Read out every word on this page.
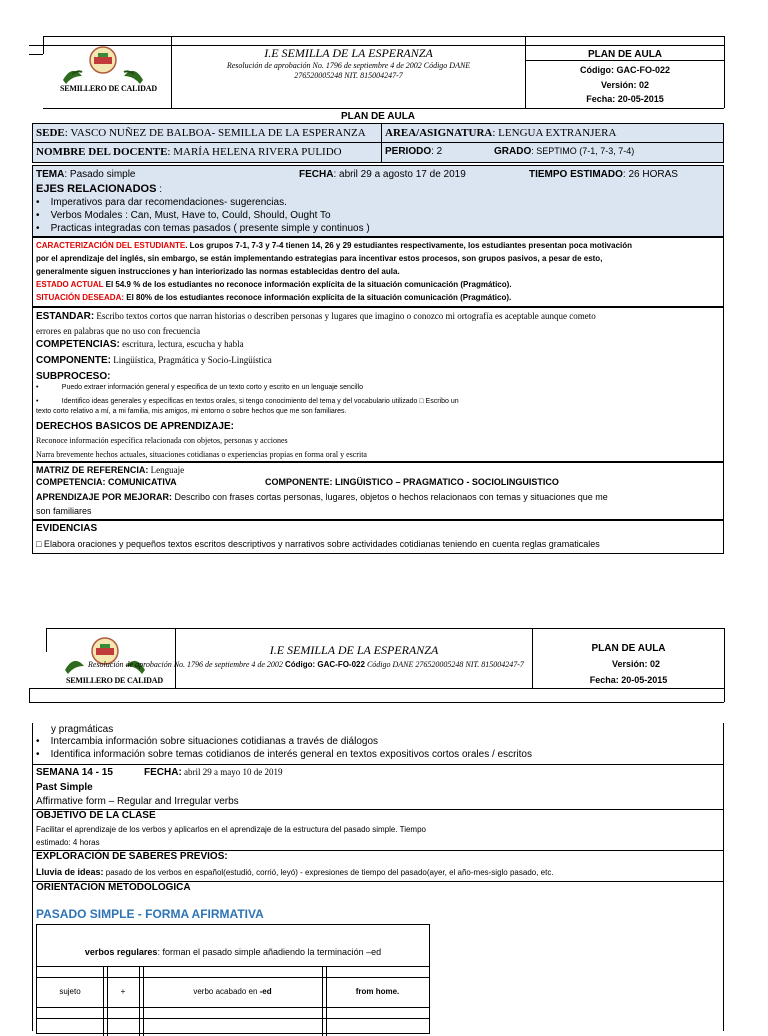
SEMILLERO DE CALIDAD
I.E SEMILLA DE LA ESPERANZA
Resolución de aprobación No. 1796 de septiembre 4 de 2002 Código DANE
276520005248 NIT. 815004247-7
PLAN DE AULA
Código: GAC-FO-022
Versión: 02
Fecha: 20-05-2015
PLAN DE AULA
SEDE: VASCO NUÑEZ DE BALBOA- SEMILLA DE LA ESPERANZA AREA/ASIGNATURA: LENGUA EXTRANJERA
NOMBRE DEL DOCENTE: MARÍA HELENA RIVERA PULIDO	PERIODO: 2	GRADO: SEPTIMO (7-1, 7-3, 7-4)
TEMA: Pasado simple	FECHA: abril 29 a agosto 17 de 2019	TIEMPO ESTIMADO: 26 HORAS
EJES RELACIONADOS :
•    Imperativos para dar recomendaciones- sugerencias.
•    Verbos Modales : Can, Must, Have to, Could, Should, Ought To
•    Practicas integradas con temas pasados ( presente simple y continuos )
CARACTERIZACIÓN DEL ESTUDIANTE. Los grupos 7-1, 7-3 y 7-4 tienen 14, 26 y 29 estudiantes respectivamente, los estudiantes presentan poca motivación
por el aprendizaje del inglés, sin embargo, se están implementando estrategias para incentivar estos procesos, son grupos pasivos, a pesar de esto,
generalmente siguen instrucciones y han interiorizado las normas establecidas dentro del aula.
ESTADO ACTUAL El 54.9 % de los estudiantes no reconoce información explícita de la situación comunicación (Pragmático).
SITUACIÓN DESEADA: El 80% de los estudiantes reconoce información explícita de la situación comunicación (Pragmático).
ESTANDAR: Escribo textos cortos que narran historias o describen personas y lugares que imagino o conozco mi ortografía es aceptable aunque cometo
errores en palabras que no uso con frecuencia
COMPETENCIAS: escritura, lectura, escucha y habla
COMPONENTE: Lingüística, Pragmática y Socio-Lingüística
SUBPROCESO:
•            Puedo extraer información general y especifica de un texto corto y escrito en un lenguaje sencillo
•            Identifico ideas generales y específicas en textos orales, si tengo conocimiento del tema y del vocabulario utilizado □ Escribo un
texto corto relativo a mí, a mi familia, mis amigos, mi entorno o sobre hechos que me son familiares.
DERECHOS BASICOS DE APRENDIZAJE:
Reconoce información específica relacionada con objetos, personas y acciones
Narra brevemente hechos actuales, situaciones cotidianas o experiencias propias en forma oral y escrita
MATRIZ DE REFERENCIA: Lenguaje
COMPETENCIA: COMUNICATIVA	COMPONENTE: LINGÜISTICO – PRAGMATICO - SOCIOLINGUISTICO
APRENDIZAJE POR MEJORAR: Describo con frases cortas personas, lugares, objetos o hechos relacionaos con temas y situaciones que me
son familiares
EVIDENCIAS
□ Elabora oraciones y pequeños textos escritos descriptivos y narrativos sobre actividades cotidianas teniendo en cuenta reglas gramaticales
SEMILLERO DE CALIDAD
I.E SEMILLA DE LA ESPERANZA
Resolución de aprobación No. 1796 de septiembre 4 de 2002 Código: GAC-FO-022 Código DANE 276520005248 NIT. 815004247-7
PLAN DE AULA
Versión: 02
Fecha: 20-05-2015
y pragmáticas
•    Intercambia información sobre situaciones cotidianas a través de diálogos
•    Identifica información sobre temas cotidianos de interés general en textos expositivos cortos orales / escritos
SEMANA 14 - 15	FECHA: abril 29 a mayo 10 de 2019
Past Simple
Affirmative form – Regular and Irregular verbs
OBJETIVO DE LA CLASE
Facilitar el aprendizaje de los verbos y aplicarlos en el aprendizaje de la estructura del pasado simple. Tiempo
estimado: 4 horas
EXPLORACIÓN DE SABERES PREVIOS:
Lluvia de ideas: pasado de los verbos en español(estudió, corrió, leyó) - expresiones de tiempo del pasado(ayer, el año-mes-siglo pasado, etc.
ORIENTACION METODOLOGICA
PASADO SIMPLE - FORMA AFIRMATIVA
verbos regulares: forman el pasado simple añadiendo la terminación –ed
sujeto	+	verbo acabado en -ed	from home.
